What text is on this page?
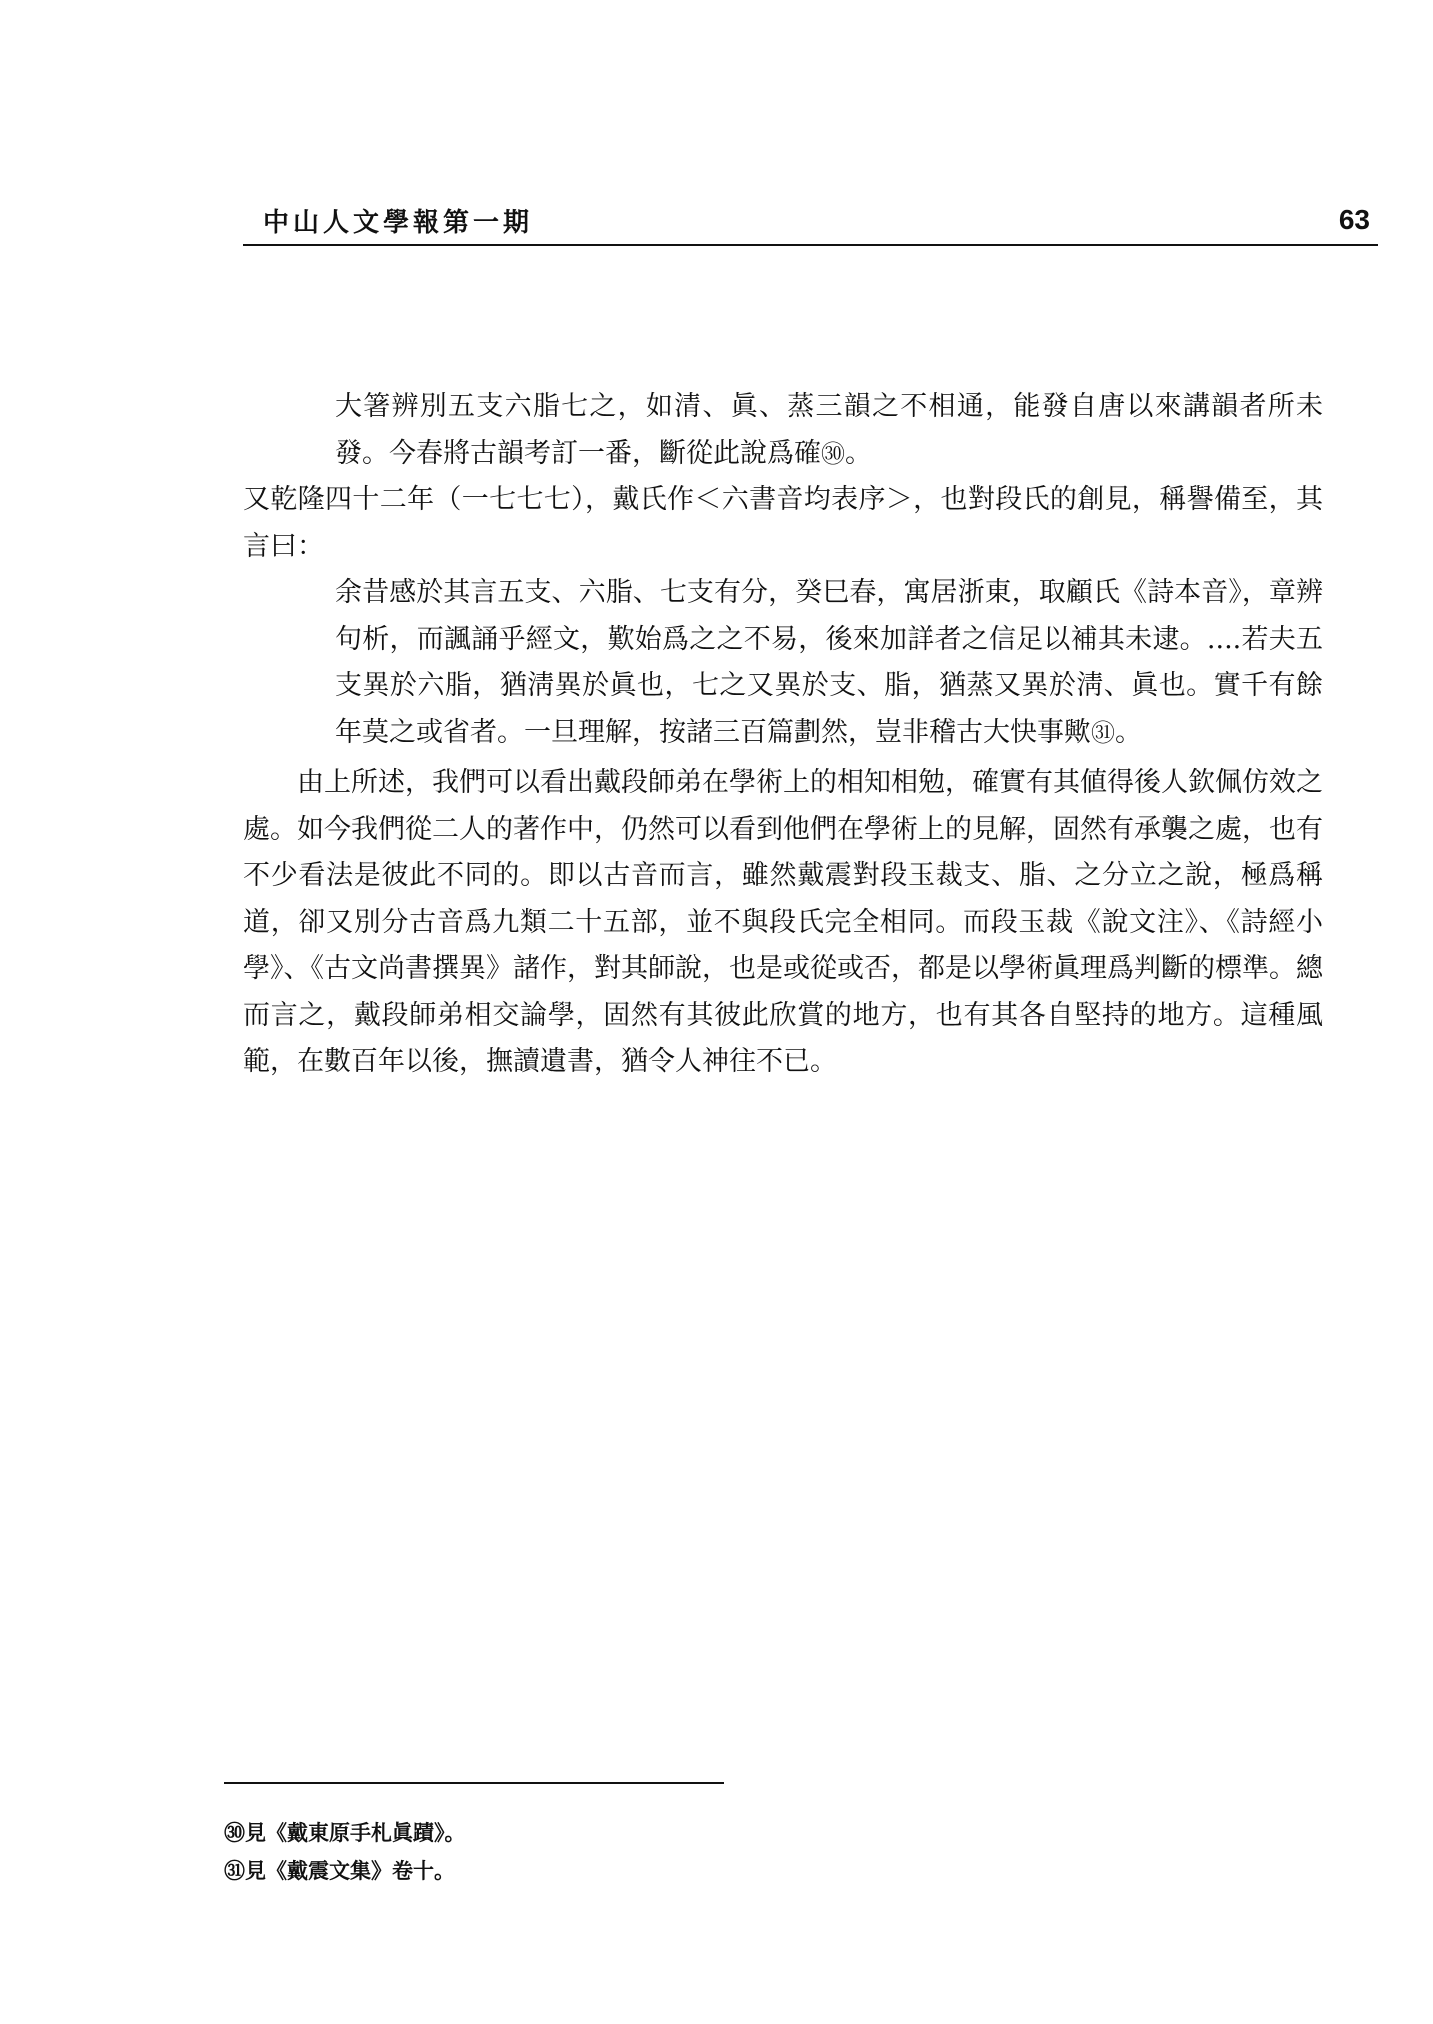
中山人文學報第一期	63

大箸辨別五支六脂七之，如清、眞、蒸三韻之不相通，能發自唐以來講韻者所未發。今春將古韻考訂一番，斷從此說爲確㉚。

又乾隆四十二年（一七七七），戴氏作＜六書音均表序＞，也對段氏的創見，稱譽備至，其言曰：

余昔感於其言五支、六脂、七支有分，癸巳春，寓居浙東，取顧氏《詩本音》，章辨句析，而諷誦乎經文，歎始爲之之不易，後來加詳者之信足以補其未逮。....若夫五支異於六脂，猶淸異於眞也，七之又異於支、脂，猶蒸又異於淸、眞也。實千有餘年莫之或省者。一旦理解，按諸三百篇劃然，豈非稽古大快事歟㉛。

由上所述，我們可以看出戴段師弟在學術上的相知相勉，確實有其値得後人欽佩仿效之處。如今我們從二人的著作中，仍然可以看到他們在學術上的見解，固然有承襲之處，也有不少看法是彼此不同的。即以古音而言，雖然戴震對段玉裁支、脂、之分立之說，極爲稱道，卻又別分古音爲九類二十五部，並不與段氏完全相同。而段玉裁《說文注》、《詩經小學》、《古文尚書撰異》諸作，對其師說，也是或從或否，都是以學術眞理爲判斷的標準。總而言之，戴段師弟相交論學，固然有其彼此欣賞的地方，也有其各自堅持的地方。這種風範，在數百年以後，撫讀遺書，猶令人神往不已。

㉚見《戴東原手札眞蹟》。
㉛見《戴震文集》卷十。
